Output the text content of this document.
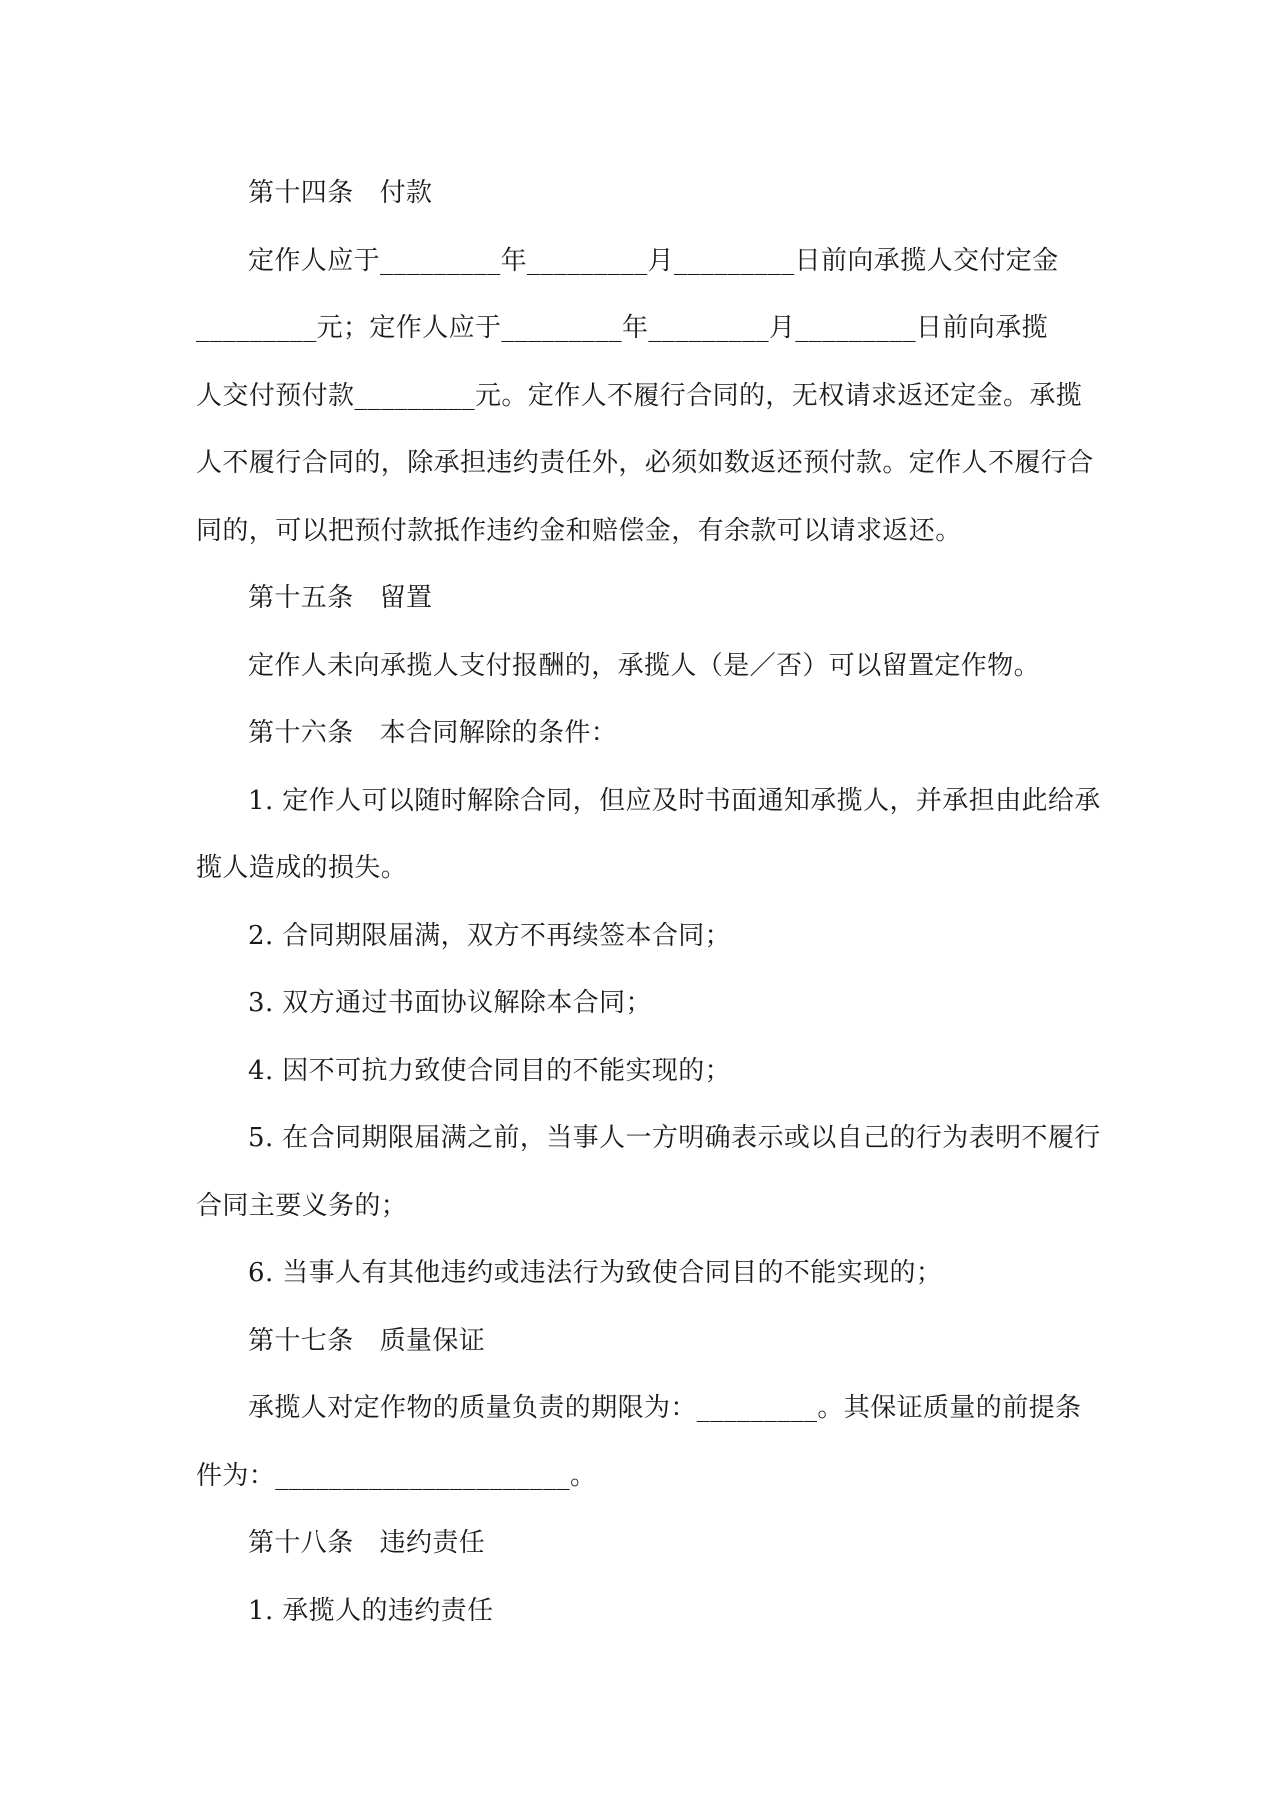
第十四条 付款
定作人应于_________年_________月_________日前向承揽人交付定金
_________元；定作人应于_________年_________月_________日前向承揽
人交付预付款_________元。定作人不履行合同的，无权请求返还定金。承揽
人不履行合同的，除承担违约责任外，必须如数返还预付款。定作人不履行合
同的，可以把预付款抵作违约金和赔偿金，有余款可以请求返还。
第十五条 留置
定作人未向承揽人支付报酬的，承揽人（是／否）可以留置定作物。
第十六条 本合同解除的条件：
1. 定作人可以随时解除合同，但应及时书面通知承揽人，并承担由此给承
揽人造成的损失。
2. 合同期限届满，双方不再续签本合同；
3. 双方通过书面协议解除本合同；
4. 因不可抗力致使合同目的不能实现的；
5. 在合同期限届满之前，当事人一方明确表示或以自己的行为表明不履行
合同主要义务的；
6. 当事人有其他违约或违法行为致使合同目的不能实现的；
第十七条 质量保证
承揽人对定作物的质量负责的期限为：_________。其保证质量的前提条
件为：______________________。
第十八条 违约责任
1. 承揽人的违约责任
